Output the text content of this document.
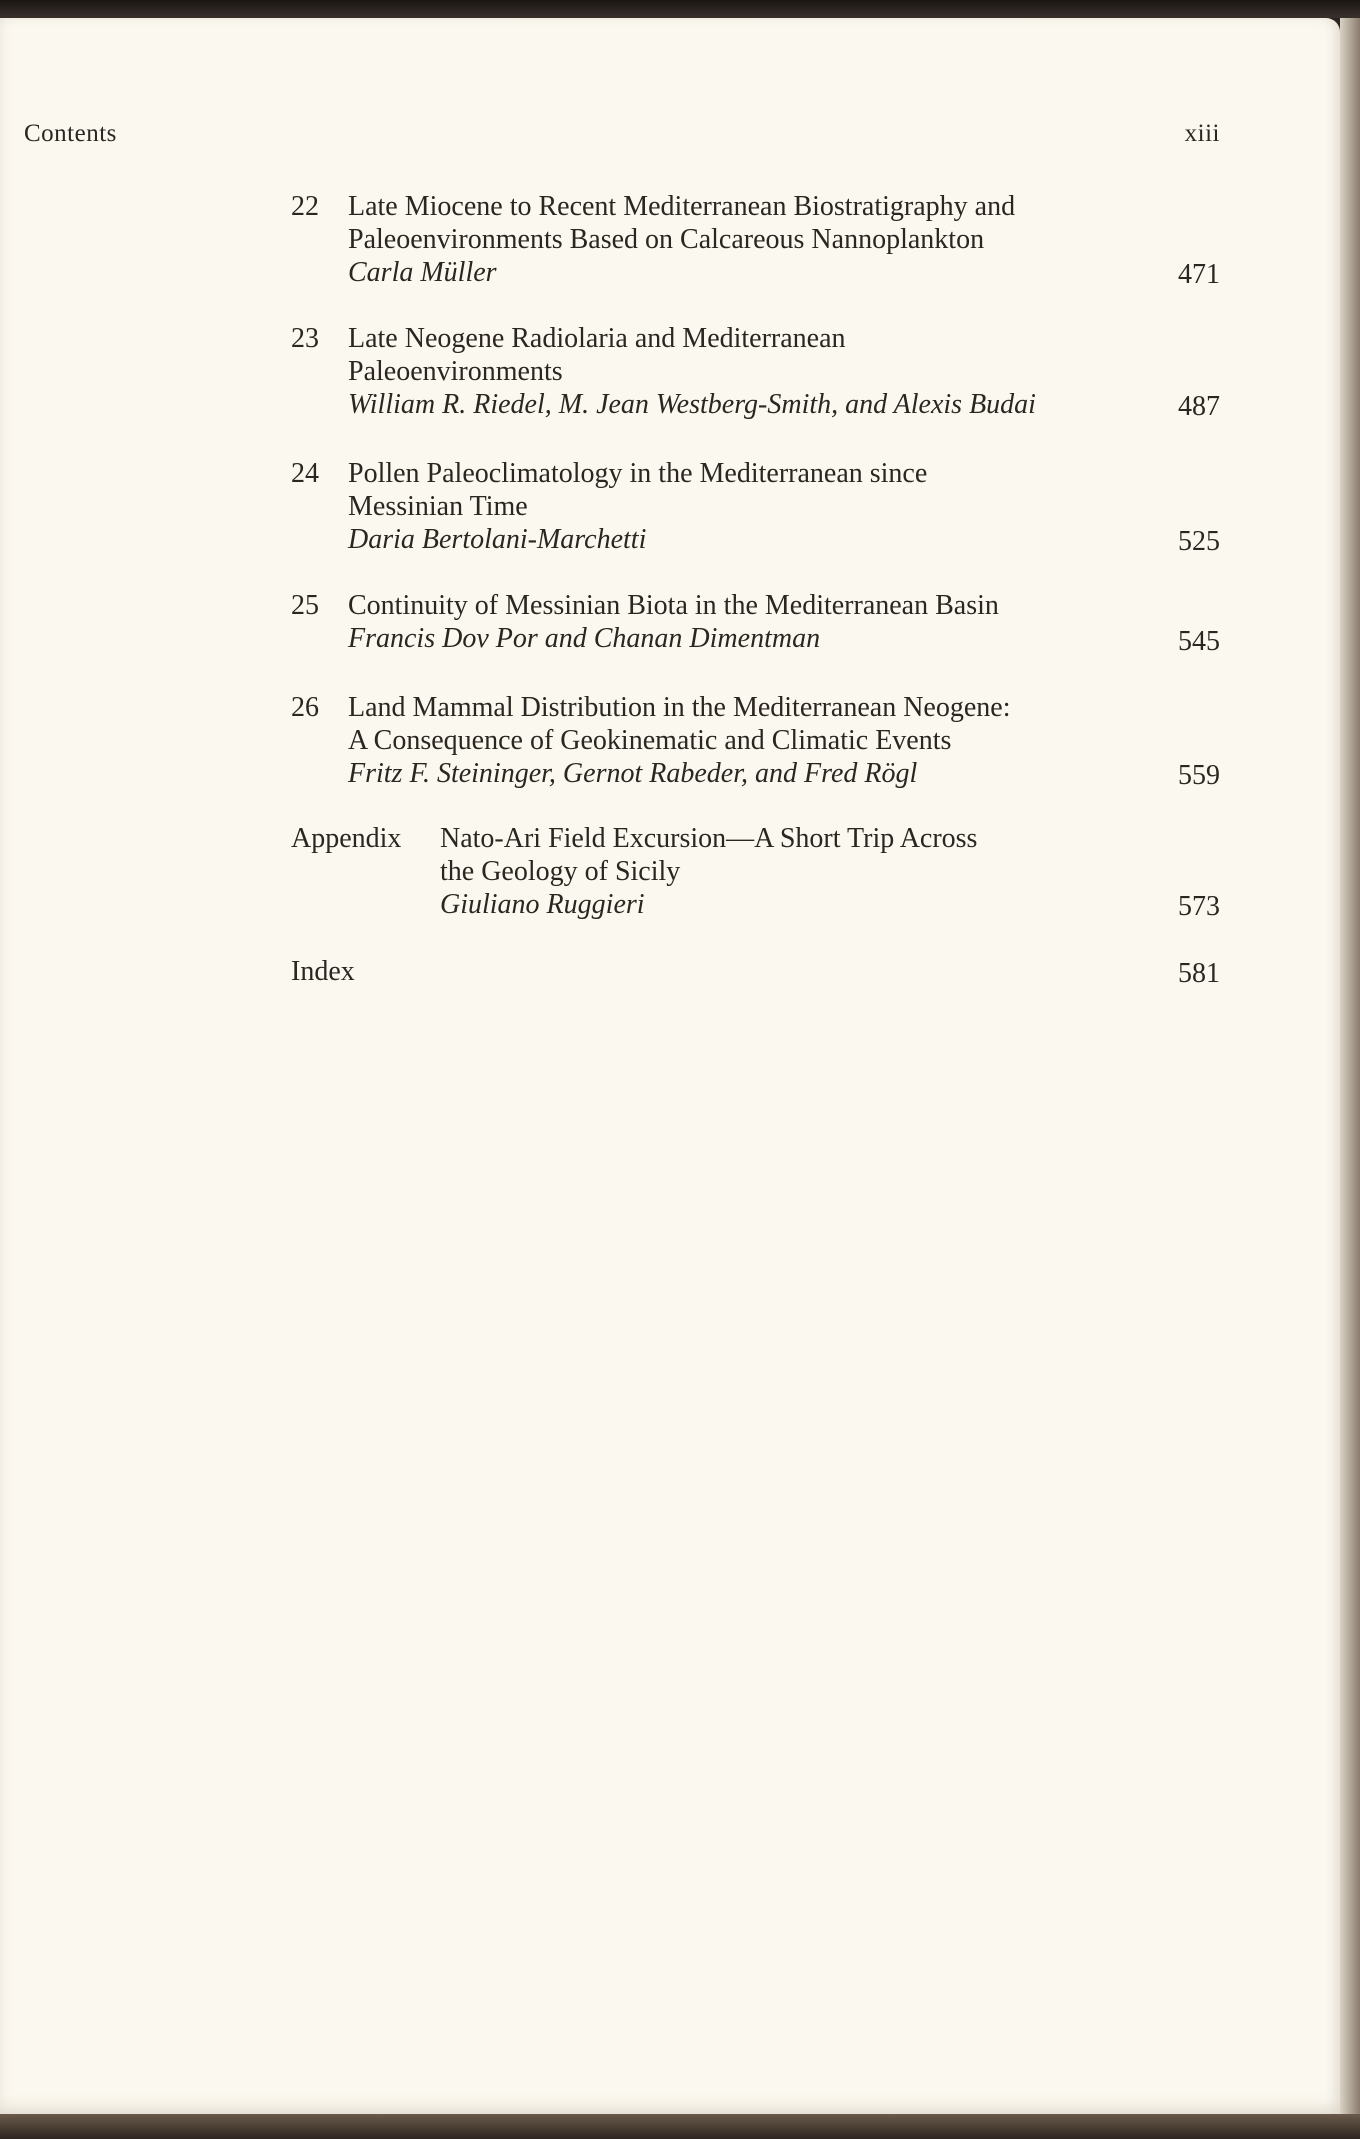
Contents	xiii
22 Late Miocene to Recent Mediterranean Biostratigraphy and
Paleoenvironments Based on Calcareous Nannoplankton
Carla Müller	471
23 Late Neogene Radiolaria and Mediterranean
Paleoenvironments
William R. Riedel, M. Jean Westberg-Smith, and Alexis Budai	487
24 Pollen Paleoclimatology in the Mediterranean since
Messinian Time
Daria Bertolani-Marchetti	525
25 Continuity of Messinian Biota in the Mediterranean Basin
Francis Dov Por and Chanan Dimentman	545
26 Land Mammal Distribution in the Mediterranean Neogene:
A Consequence of Geokinematic and Climatic Events
Fritz F. Steininger, Gernot Rabeder, and Fred Rögl	559
Appendix Nato-Ari Field Excursion—A Short Trip Across
the Geology of Sicily
Giuliano Ruggieri	573
Index	581
